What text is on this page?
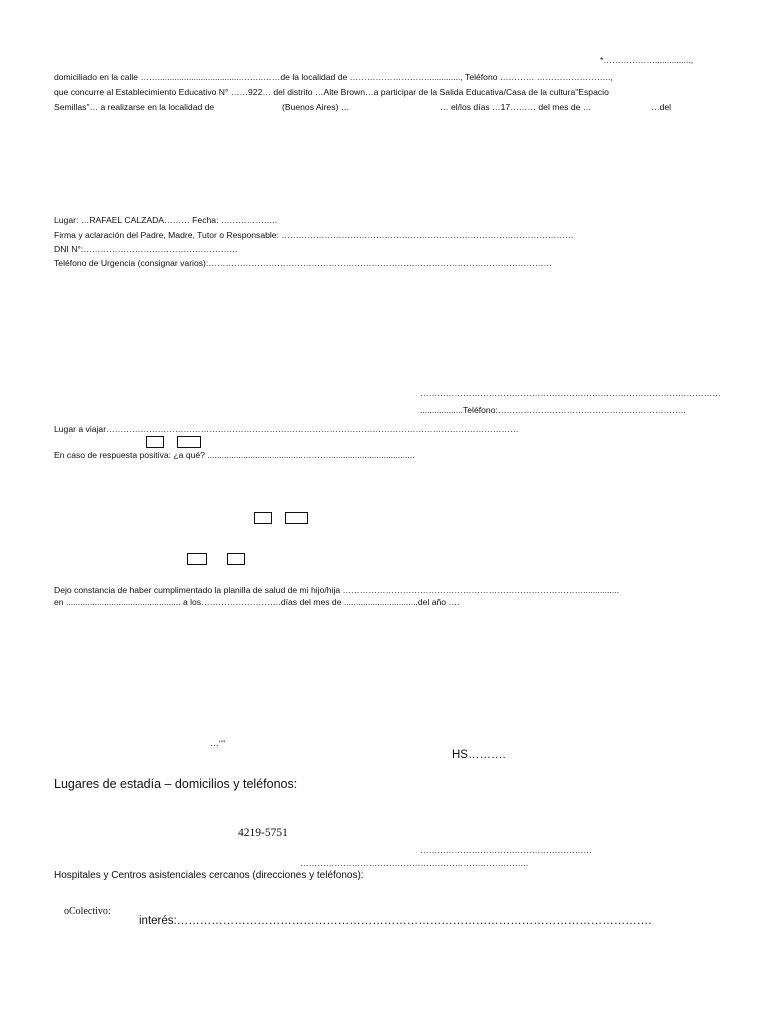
*………………...............,
domiciliado en la calle ……...................................……..……de la localidad de ……………………….............., Teléfono ………… ……………………..,
que concurre al Establecimiento Educativo N° ……922… del distrito …Alte Brown…a participar de la Salida Educativa/Casa de la cultura"Espacio
Semillas"… a realizarse en la localidad de	(Buenos Aires) …	… el/los días …17……… del mes de …	…del
Lugar: …RAFAEL CALZADA……… Fecha: ………………..
Firma y aclaración del Padre, Madre, Tutor o Responsable: …………………………………………………………………………………………
DNI N°:………………………………………………
Teléfono de Urgencia (consignar varios):…………………………………………………………………………………………………………
……………………………………………………………………………………………
..................Teléfono:……………………………………….………………..
Lugar a viajar………………………………………………………………………………………………………………………………
En caso de respuesta positiva: ¿a qué? ........................................………....................................
Dejo constancia de haber cumplimentado la planilla de salud de mi hijo/hija …………………………………………………………………………...............
en ................................................ a los……………………….días del mes de ...............................del año ….
…""
HS……….
Lugares de estadía – domicilios y teléfonos:
4219-5751
……………………………………………………
……………………………………………………………………..
Hospitales y Centros asistenciales cercanos (direcciones y teléfonos):
oColectivo:
interés:…………………………………………………………………………………………………………….
